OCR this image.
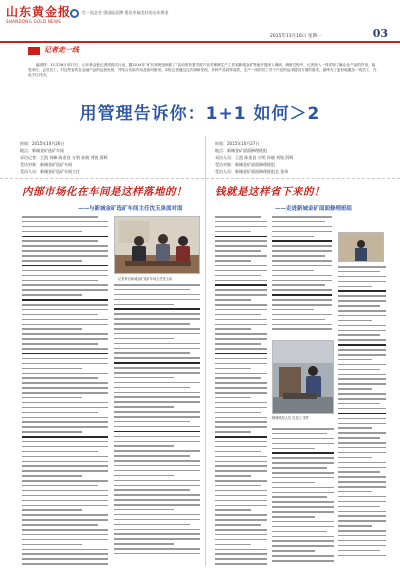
山东黄金报
SHANDONG GOLD NEWS
打一流企业 创国际品牌 建设幸福美好的山东黄金
2015年11月16日 星期一	03
记者走一线
编者按：11月26日至27日，山东黄金报记者团再次行动，随2014年“矿长到班组调度了”活动的有着手推产品对保障生产工作到新城金矿等地开展深入调研，调研过程中，记者深入一线详细了解企业产品的作用，接受采访，会员员工。对这些宣传在金融产品的运营优势，并结合实际介绍及如何使用。本报记者通过这次调研发现，多种产品同样高效，生产一线的员工对于产品的运用情况方面的需求，最终为了更好地服务一线员工，在此予以刊出。
用管理告诉你：1+1 如何＞2
时间：2015年10月26日
地点：新城金矿选矿车间
采访记者：王凯 刘峰 陈金良 万明 孙晓 刘锐 薛辉
受访对象：新城金矿选矿车间
受访人员：新城金矿选矿车间主任
时间：2015年10月27日
地点：新城金矿面面修理班组
采访人员：王凯 陈金良 万明 孙晓 刘锐 薛辉
受访对象：新城金矿面面修理班组
受访人员：新城金矿面面修理班组长 张伟
内部市场化在车间是这样落地的！
——与新城金矿选矿车间主任沈玉泉面对面
钱就是这样省下来的！
——走进新城金矿面面修理班组
记者采访新城金矿选矿车间主任沈玉泉
修理班组人员 在加工 零件
